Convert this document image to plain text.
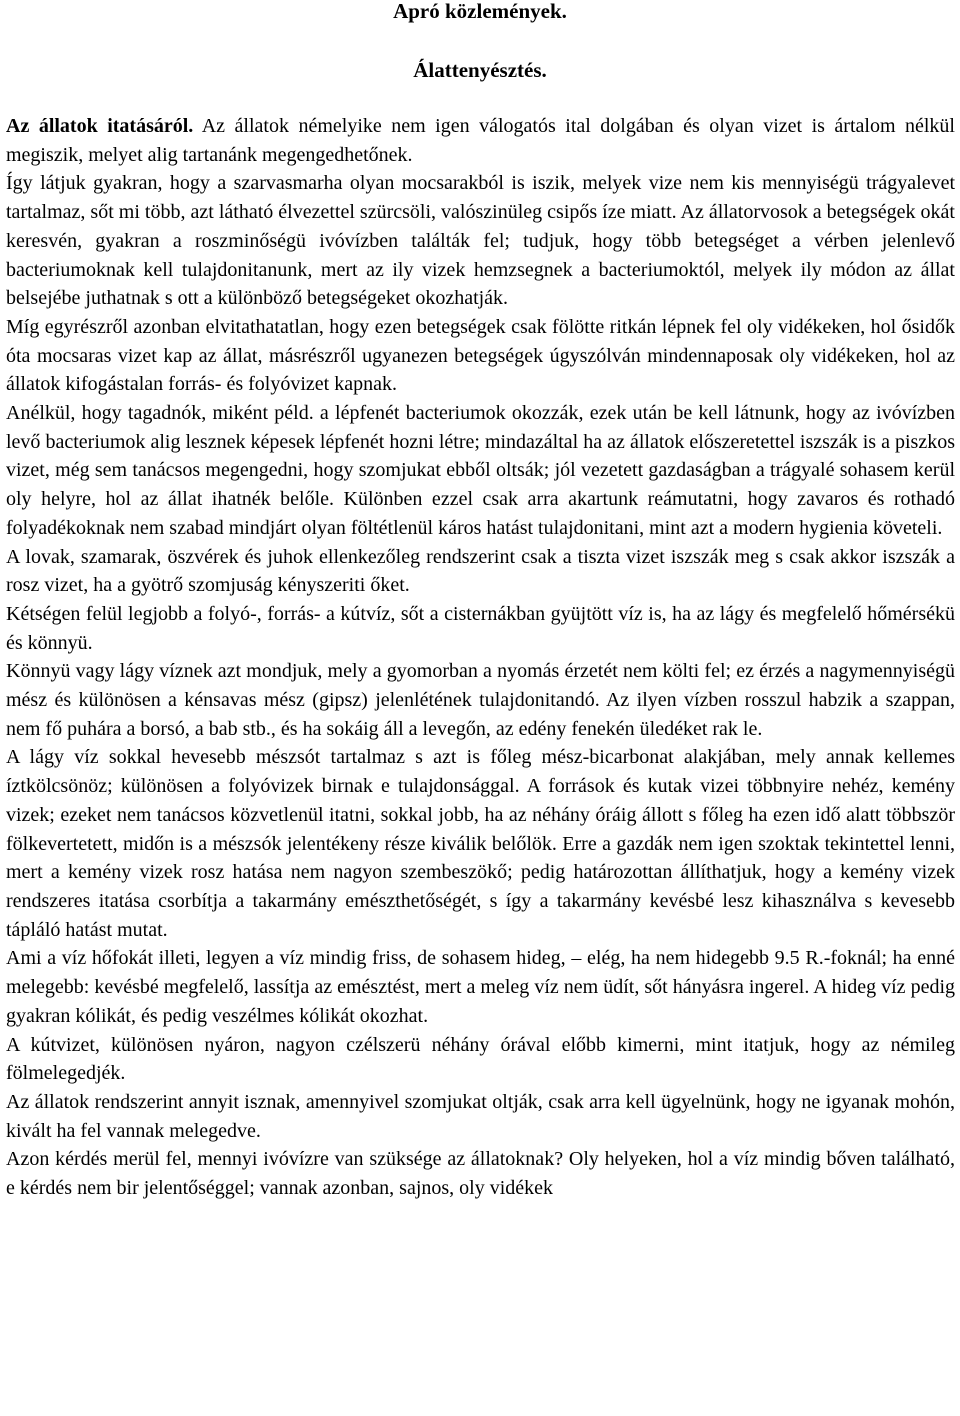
Apró közlemények.
Álattenyésztés.

Az állatok itatásáról. Az állatok némelyike nem igen válogatós ital dolgában és olyan vizet is ártalom nélkül megiszik, melyet alig tartanánk megengedhetőnek.

Így látjuk gyakran, hogy a szarvasmarha olyan mocsarakból is iszik, melyek vize nem kis mennyiségü trágyalevet tartalmaz, sőt mi több, azt látható élvezettel szürcsöli, valószinüleg csipős íze miatt. Az állatorvosok a betegségek okát keresvén, gyakran a roszminőségü ivóvízben találták fel; tudjuk, hogy több betegséget a vérben jelenlevő bacteriumoknak kell tulajdonitanunk, mert az ily vizek hemzsegnek a bacteriumoktól, melyek ily módon az állat belsejébe juthatnak s ott a különböző betegségeket okozhatják.

Míg egyrészről azonban elvitathatatlan, hogy ezen betegségek csak fölötte ritkán lépnek fel oly vidékeken, hol ősidők óta mocsaras vizet kap az állat, másrészről ugyanezen betegségek úgyszólván mindennaposak oly vidékeken, hol az állatok kifogástalan forrás- és folyóvizet kapnak.

Anélkül, hogy tagadnók, miként péld. a lépfenét bacteriumok okozzák, ezek után be kell látnunk, hogy az ivóvízben levő bacteriumok alig lesznek képesek lépfenét hozni létre; mindazáltal ha az állatok előszeretettel iszszák is a piszkos vizet, még sem tanácsos megengedni, hogy szomjukat ebből oltsák; jól vezetett gazdaságban a trágyalé sohasem kerül oly helyre, hol az állat ihatnék belőle. Különben ezzel csak arra akartunk reámutatni, hogy zavaros és rothadó folyadékoknak nem szabad mindjárt olyan föltétlenül káros hatást tulajdonitani, mint azt a modern hygienia követeli.

A lovak, szamarak, öszvérek és juhok ellenkezőleg rendszerint csak a tiszta vizet iszszák meg s csak akkor iszszák a rosz vizet, ha a gyötrő szomjuság kényszeriti őket.

Kétségen felül legjobb a folyó-, forrás- a kútvíz, sőt a cisternákban gyüjtött víz is, ha az lágy és megfelelő hőmérsékü és könnyü.

Könnyü vagy lágy víznek azt mondjuk, mely a gyomorban a nyomás érzetét nem költi fel; ez érzés a nagymennyiségü mész és különösen a kénsavas mész (gipsz) jelenlétének tulajdonitandó. Az ilyen vízben rosszul habzik a szappan, nem fő puhára a borsó, a bab stb., és ha sokáig áll a levegőn, az edény fenekén üledéket rak le.

A lágy víz sokkal hevesebb mészsót tartalmaz s azt is főleg mész-bicarbonat alakjában, mely annak kellemes íztkölcsönöz; különösen a folyóvizek birnak e tulajdonsággal. A források és kutak vizei többnyire nehéz, kemény vizek; ezeket nem tanácsos közvetlenül itatni, sokkal jobb, ha az néhány óráig állott s főleg ha ezen idő alatt többször fölkevertetett, midőn is a mészsók jelentékeny része kiválik belőlök. Erre a gazdák nem igen szoktak tekintettel lenni, mert a kemény vizek rosz hatása nem nagyon szembeszökő; pedig határozottan állíthatjuk, hogy a kemény vizek rendszeres itatása csorbítja a takarmány emészthetőségét, s így a takarmány kevésbé lesz kihasználva s kevesebb tápláló hatást mutat.

Ami a víz hőfokát illeti, legyen a víz mindig friss, de sohasem hideg, – elég, ha nem hidegebb 9.5 R.-foknál; ha enné melegebb: kevésbé megfelelő, lassítja az emésztést, mert a meleg víz nem üdít, sőt hányásra ingerel. A hideg víz pedig gyakran kólikát, és pedig veszélmes kólikát okozhat.

A kútvizet, különösen nyáron, nagyon czélszerü néhány órával előbb kimerni, mint itatjuk, hogy az némileg fölmelegedjék.

Az állatok rendszerint annyit isznak, amennyivel szomjukat oltják, csak arra kell ügyelnünk, hogy ne igyanak mohón, kivált ha fel vannak melegedve.

Azon kérdés merül fel, mennyi ivóvízre van szüksége az állatoknak? Oly helyeken, hol a víz mindig bőven található, e kérdés nem bir jelentőséggel; vannak azonban, sajnos, oly vidékek
